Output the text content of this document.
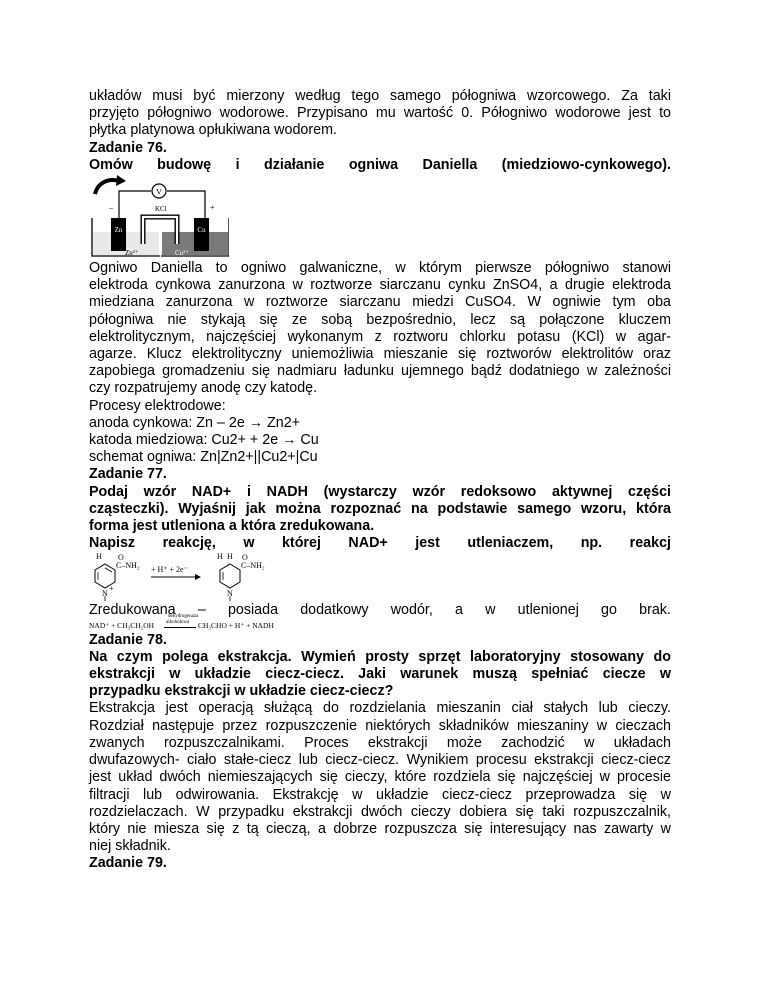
układów musi być mierzony według tego samego półogniwa wzorcowego. Za taki

przyjęto półogniwo wodorowe. Przypisano mu wartość 0. Półogniwo wodorowe jest to

płytka platynowa opłukiwana wodorem.

Zadanie 76.

Omów budowę i działanie ogniwa Daniella (miedziowo-cynkowego).

V
–	+
KCl
Zn	Cu
Zn²⁺	Cu²⁺

Ogniwo Daniella to ogniwo galwaniczne, w którym pierwsze półogniwo stanowi

elektroda cynkowa zanurzona w roztworze siarczanu cynku ZnSO4, a drugie elektroda

miedziana zanurzona w roztworze siarczanu miedzi CuSO4. W ogniwie tym oba

półogniwa nie stykają się ze sobą bezpośrednio, lecz są połączone kluczem

elektrolitycznym, najczęściej wykonanym z roztworu chlorku potasu (KCl) w agar-

agarze. Klucz elektrolityczny uniemożliwia mieszanie się roztworów elektrolitów oraz

zapobiega gromadzeniu się nadmiaru ładunku ujemnego bądź dodatniego w zależności

czy rozpatrujemy anodę czy katodę.

Procesy elektrodowe:

anoda cynkowa: Zn – 2e → Zn2+

katoda miedziowa: Cu2+ + 2e → Cu

schemat ogniwa: Zn|Zn2+||Cu2+|Cu

Zadanie 77.

Podaj wzór NAD+ i NADH (wystarczy wzór redoksowo aktywnej części

cząsteczki). Wyjaśnij jak można rozpoznać na podstawie samego wzoru, która

forma jest utleniona a która zredukowana.

Napisz reakcję, w której NAD+ jest utleniaczem, np. reakcj

H O
C–NH₂
N
+
+ H⁺ + 2e⁻
H H O
C–NH₂
N

Zredukowana – posiada dodatkowy wodór, a w utlenionej go brak.

NAD⁺ + CH₃CH₂OH
dehydrogenaza
alkoholowa CH₃CHO + H⁺ + NADH

Zadanie 78.

Na czym polega ekstrakcja. Wymień prosty sprzęt laboratoryjny stosowany do

ekstrakcji w układzie ciecz-ciecz. Jaki warunek muszą spełniać ciecze w

przypadku ekstrakcji w układzie ciecz-ciecz?

Ekstrakcja jest operacją służącą do rozdzielania mieszanin ciał stałych lub cieczy.

Rozdział następuje przez rozpuszczenie niektórych składników mieszaniny w cieczach

zwanych rozpuszczalnikami. Proces ekstrakcji może zachodzić w układach

dwufazowych- ciało stałe-ciecz lub ciecz-ciecz. Wynikiem procesu ekstrakcji ciecz-ciecz

jest układ dwóch niemieszających się cieczy, które rozdziela się najczęściej w procesie

filtracji lub odwirowania. Ekstrakcję w układzie ciecz-ciecz przeprowadza się w

rozdzielaczach. W przypadku ekstrakcji dwóch cieczy dobiera się taki rozpuszczalnik,

który nie miesza się z tą cieczą, a dobrze rozpuszcza się interesujący nas zawarty w

niej składnik.

Zadanie 79.
